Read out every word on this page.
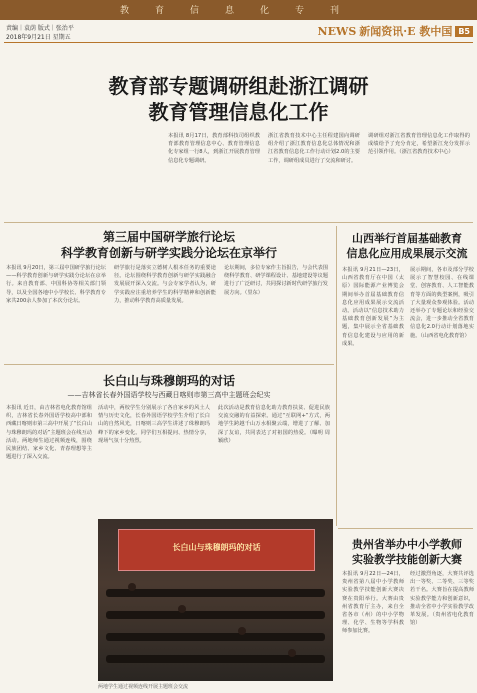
教育信息化专刊
责编｜袁荫 版式｜张治平
2018年9月21日 星期五	NEWS 新闻资讯·E 教中国 B5
教育部专题调研组赴浙江调研
教育管理信息化工作
本报讯 8月17日，教育部科技司组织教育部教育管理信息中心、教育管理信息化专家组一行8人，到浙江开展教育管理信息化专题调研。
浙江省教育技术中心主任程建国向调研组介绍了浙江教育信息化总体情况和浙江省教育信息化工作行动计划2.0的主要工作，调研组成员进行了交流和研讨。
调研组对浙江省教育管理信息化工作取得的成绩给予了充分肯定，希望浙江充分发挥示范引领作用。（浙江省教育技术中心）
第三届中国研学旅行论坛
科学教育创新与研学实践分论坛在京举行
本报讯 9月20日，第三届中国研学旅行论坛——科学教育创新与研学实践分论坛在京举行。来自教育部、中国科协等相关部门领导，以及全国各地中小学校长、科学教育专家共200余人参加了本次分论坛。
研学旅行是落实立德树人根本任务的重要途径。论坛围绕科学教育创新与研学实践融合发展展开深入交流。与会专家学者认为，研学实践应注重培养学生的科学精神和创新能力，推动科学教育高质量发展。
论坛期间，多位专家作主旨报告，与会代表围绕科学教育、研学课程设计、基地建设等议题进行了广泛研讨，共同探讨新时代研学旅行发展方向。（里东）
山西举行首届基础教育
信息化应用成果展示交流
本报讯 9月21日—23日，山西省教育厅在中国（太原）国际能源产业博览会期间举办首届基础教育信息化应用成果展示交流活动。活动以“信息技术助力基础教育创新发展”为主题，集中展示全省基础教育信息化建设与应用的新成果。
展示期间，各市及部分学校展示了智慧校园、在线课堂、创客教育、人工智能教育等方面的典型案例，吸引了大量观众参观体验。活动还举办了专题论坛和经验交流会，进一步推动全省教育信息化2.0行动计划落地实施。（山西省电化教育馆）
长白山与珠穆朗玛的对话
——吉林省长春外国语学校与西藏日喀则市第三高中主题班会纪实
本报讯 近日，由吉林省电化教育馆组织，吉林省长春外国语学校高中部和西藏日喀则市第三高中开展了“长白山与珠穆朗玛的对话”主题班会在线互动活动。两地师生通过视频连线，围绕民族团结、家乡文化、青春理想等主题进行了深入交流。
活动中，两校学生分别展示了各自家乡的风土人情与历史文化，长春外国语学校学生介绍了长白山的自然风光，日喀则三高学生讲述了珠穆朗玛峰下的家乡变化。同学们互相提问、热情分享，现场气氛十分热烈。
此次活动是教育信息化助力教育扶贫、促进民族交流交融的有益探索。通过“互联网+”方式，两地学生跨越千山万水相聚云端，增进了了解、加深了友谊，共同表达了对祖国的热爱。（曝明 周颖欣）
长白山与珠穆朗玛的对话
两地学生通过视频连线开展主题班会交流
贵州省举办中小学教师
实验教学技能创新大赛
本报讯 9月22日—24日，贵州省第八届中小学教师实验教学技能创新大赛决赛在贵阳举行。大赛由贵州省教育厅主办，来自全省各市（州）的中小学物理、化学、生物等学科教师参加比赛。
经过激烈角逐，大赛共评选出一等奖、二等奖、三等奖若干名。大赛旨在提高教师实验教学能力和创新意识，推动全省中小学实验教学改革发展。（贵州省电化教育馆）
